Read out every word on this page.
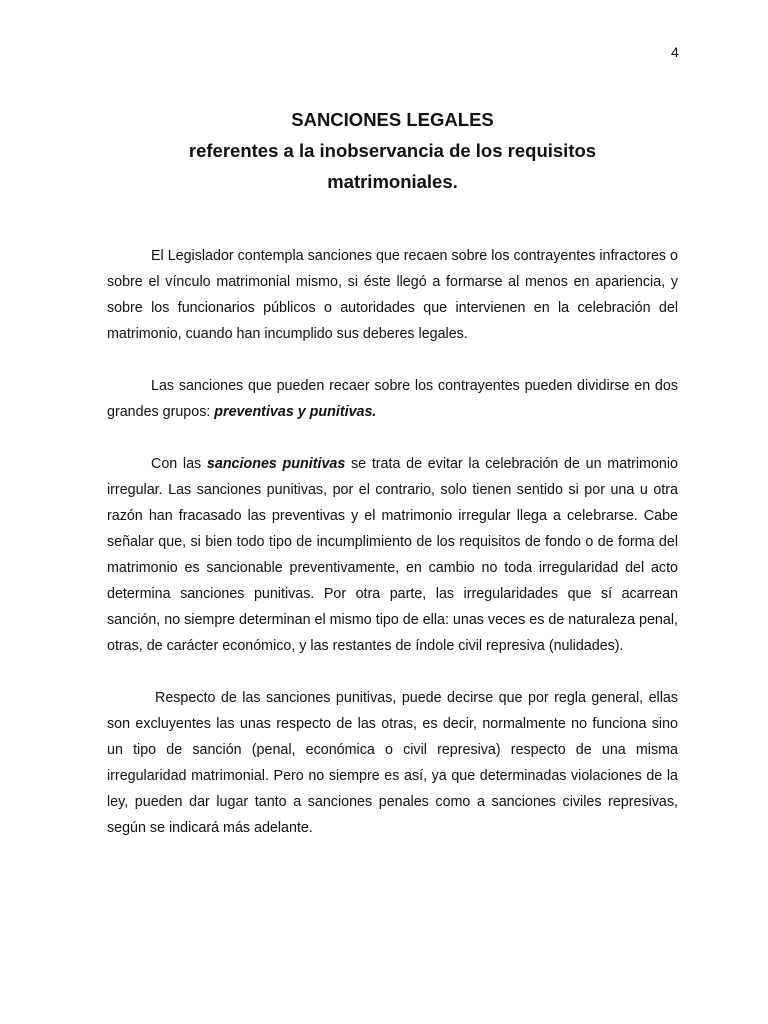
4
SANCIONES LEGALES
referentes a la inobservancia de los requisitos
matrimoniales.

El Legislador contempla sanciones que recaen sobre los contrayentes infractores o sobre el vínculo matrimonial mismo, si éste llegó a formarse al menos en apariencia, y sobre los funcionarios públicos o autoridades que intervienen en la celebración del matrimonio, cuando han incumplido sus deberes legales.

Las sanciones que pueden recaer sobre los contrayentes pueden dividirse en dos grandes grupos: preventivas y punitivas.

Con las sanciones punitivas se trata de evitar la celebración de un matrimonio irregular. Las sanciones punitivas, por el contrario, solo tienen sentido si por una u otra razón han fracasado las preventivas y el matrimonio irregular llega a celebrarse. Cabe señalar que, si bien todo tipo de incumplimiento de los requisitos de fondo o de forma del matrimonio es sancionable preventivamente, en cambio no toda irregularidad del acto determina sanciones punitivas. Por otra parte, las irregularidades que sí acarrean sanción, no siempre determinan el mismo tipo de ella: unas veces es de naturaleza penal, otras, de carácter económico, y las restantes de índole civil represiva (nulidades).

Respecto de las sanciones punitivas, puede decirse que por regla general, ellas son excluyentes las unas respecto de las otras, es decir, normalmente no funciona sino un tipo de sanción (penal, económica o civil represiva) respecto de una misma irregularidad matrimonial. Pero no siempre es así, ya que determinadas violaciones de la ley, pueden dar lugar tanto a sanciones penales como a sanciones civiles represivas, según se indicará más adelante.
